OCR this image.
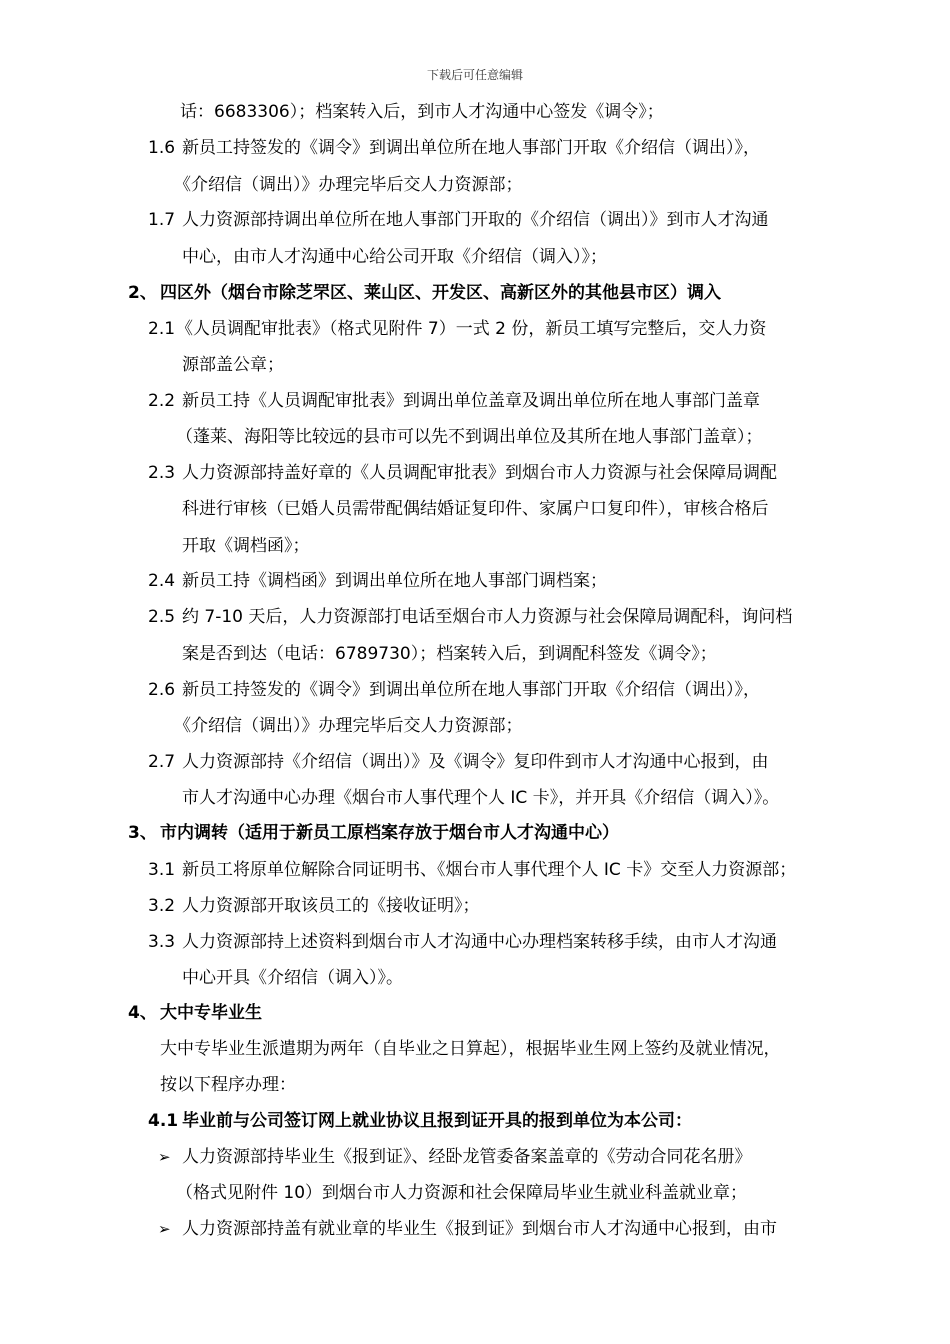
下载后可任意编辑
话：6683306）；档案转入后，到市人才沟通中心签发《调令》；
1.6 新员工持签发的《调令》到调出单位所在地人事部门开取《介绍信（调出）》，
《介绍信（调出）》办理完毕后交人力资源部；
1.7 人力资源部持调出单位所在地人事部门开取的《介绍信（调出）》到市人才沟通
中心，由市人才沟通中心给公司开取《介绍信（调入）》；
2、 四区外（烟台市除芝罘区、莱山区、开发区、高新区外的其他县市区）调入
2.1 《人员调配审批表》（格式见附件 7）一式 2 份，新员工填写完整后，交人力资
源部盖公章；
2.2 新员工持《人员调配审批表》到调出单位盖章及调出单位所在地人事部门盖章
（蓬莱、海阳等比较远的县市可以先不到调出单位及其所在地人事部门盖章）；
2.3 人力资源部持盖好章的《人员调配审批表》到烟台市人力资源与社会保障局调配
科进行审核（已婚人员需带配偶结婚证复印件、家属户口复印件），审核合格后
开取《调档函》；
2.4 新员工持《调档函》到调出单位所在地人事部门调档案；
2.5 约 7-10 天后，人力资源部打电话至烟台市人力资源与社会保障局调配科，询问档
案是否到达（电话：6789730）；档案转入后，到调配科签发《调令》；
2.6 新员工持签发的《调令》到调出单位所在地人事部门开取《介绍信（调出）》，
《介绍信（调出）》办理完毕后交人力资源部；
2.7 人力资源部持《介绍信（调出）》及《调令》复印件到市人才沟通中心报到，由
市人才沟通中心办理《烟台市人事代理个人 IC 卡》，并开具《介绍信（调入）》。
3、 市内调转（适用于新员工原档案存放于烟台市人才沟通中心）
3.1 新员工将原单位解除合同证明书、《烟台市人事代理个人 IC 卡》交至人力资源部；
3.2 人力资源部开取该员工的《接收证明》；
3.3 人力资源部持上述资料到烟台市人才沟通中心办理档案转移手续，由市人才沟通
中心开具《介绍信（调入）》。
4、 大中专毕业生
大中专毕业生派遣期为两年（自毕业之日算起），根据毕业生网上签约及就业情况，
按以下程序办理：
4.1 毕业前与公司签订网上就业协议且报到证开具的报到单位为本公司：
➢ 人力资源部持毕业生《报到证》、经卧龙管委备案盖章的《劳动合同花名册》
（格式见附件 10）到烟台市人力资源和社会保障局毕业生就业科盖就业章；
➢ 人力资源部持盖有就业章的毕业生《报到证》到烟台市人才沟通中心报到，由市
